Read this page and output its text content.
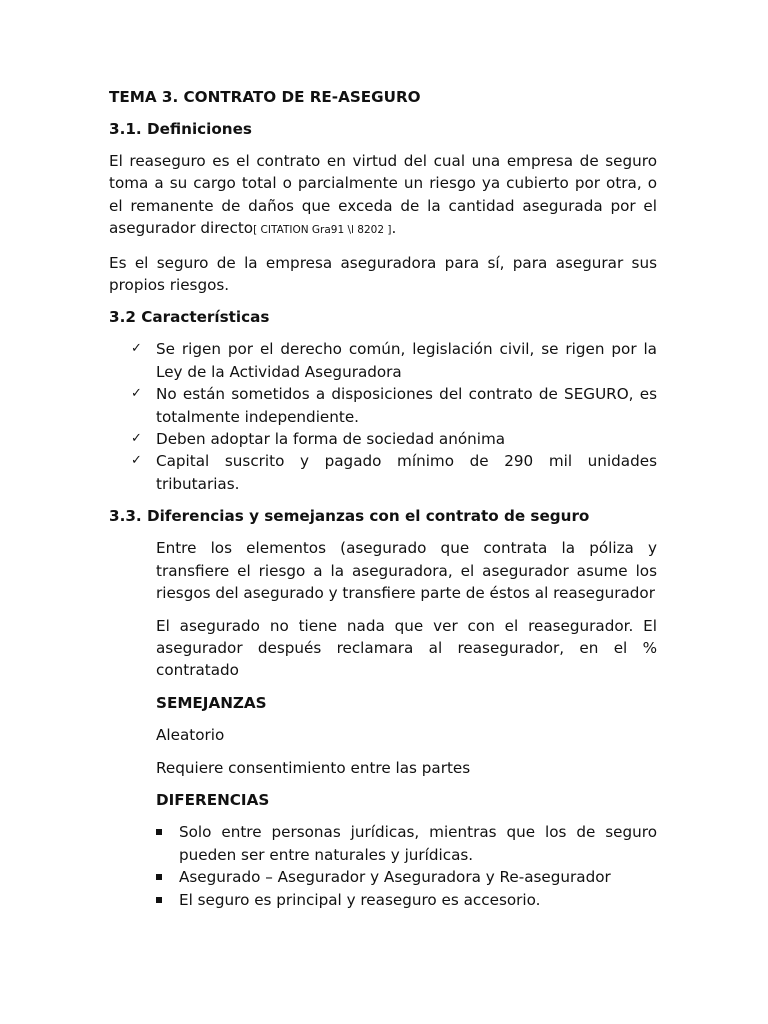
TEMA 3. CONTRATO DE RE-ASEGURO
3.1. Definiciones

El reaseguro es el contrato en virtud del cual una empresa de seguro toma a su cargo total o parcialmente un riesgo ya cubierto por otra, o el remanente de daños que exceda de la cantidad asegurada por el asegurador directo[ CITATION Gra91 \l 8202 ].

Es el seguro de la empresa aseguradora para sí, para asegurar sus propios riesgos.

3.2 Características
✓ Se rigen por el derecho común, legislación civil, se rigen por la Ley de la Actividad Aseguradora
✓ No están sometidos a disposiciones del contrato de SEGURO, es totalmente independiente.
✓ Deben adoptar la forma de sociedad anónima
✓ Capital suscrito y pagado mínimo de 290 mil unidades tributarias.
3.3. Diferencias y semejanzas con el contrato de seguro

Entre los elementos (asegurado que contrata la póliza y transfiere el riesgo a la aseguradora, el asegurador asume los riesgos del asegurado y transfiere parte de éstos al reasegurador

El asegurado no tiene nada que ver con el reasegurador. El asegurador después reclamara al reasegurador, en el % contratado

SEMEJANZAS

Aleatorio

Requiere consentimiento entre las partes

DIFERENCIAS

Solo entre personas jurídicas, mientras que los de seguro pueden ser entre naturales y jurídicas.
Asegurado – Asegurador y Aseguradora y Re-asegurador
El seguro es principal y reaseguro es accesorio.
